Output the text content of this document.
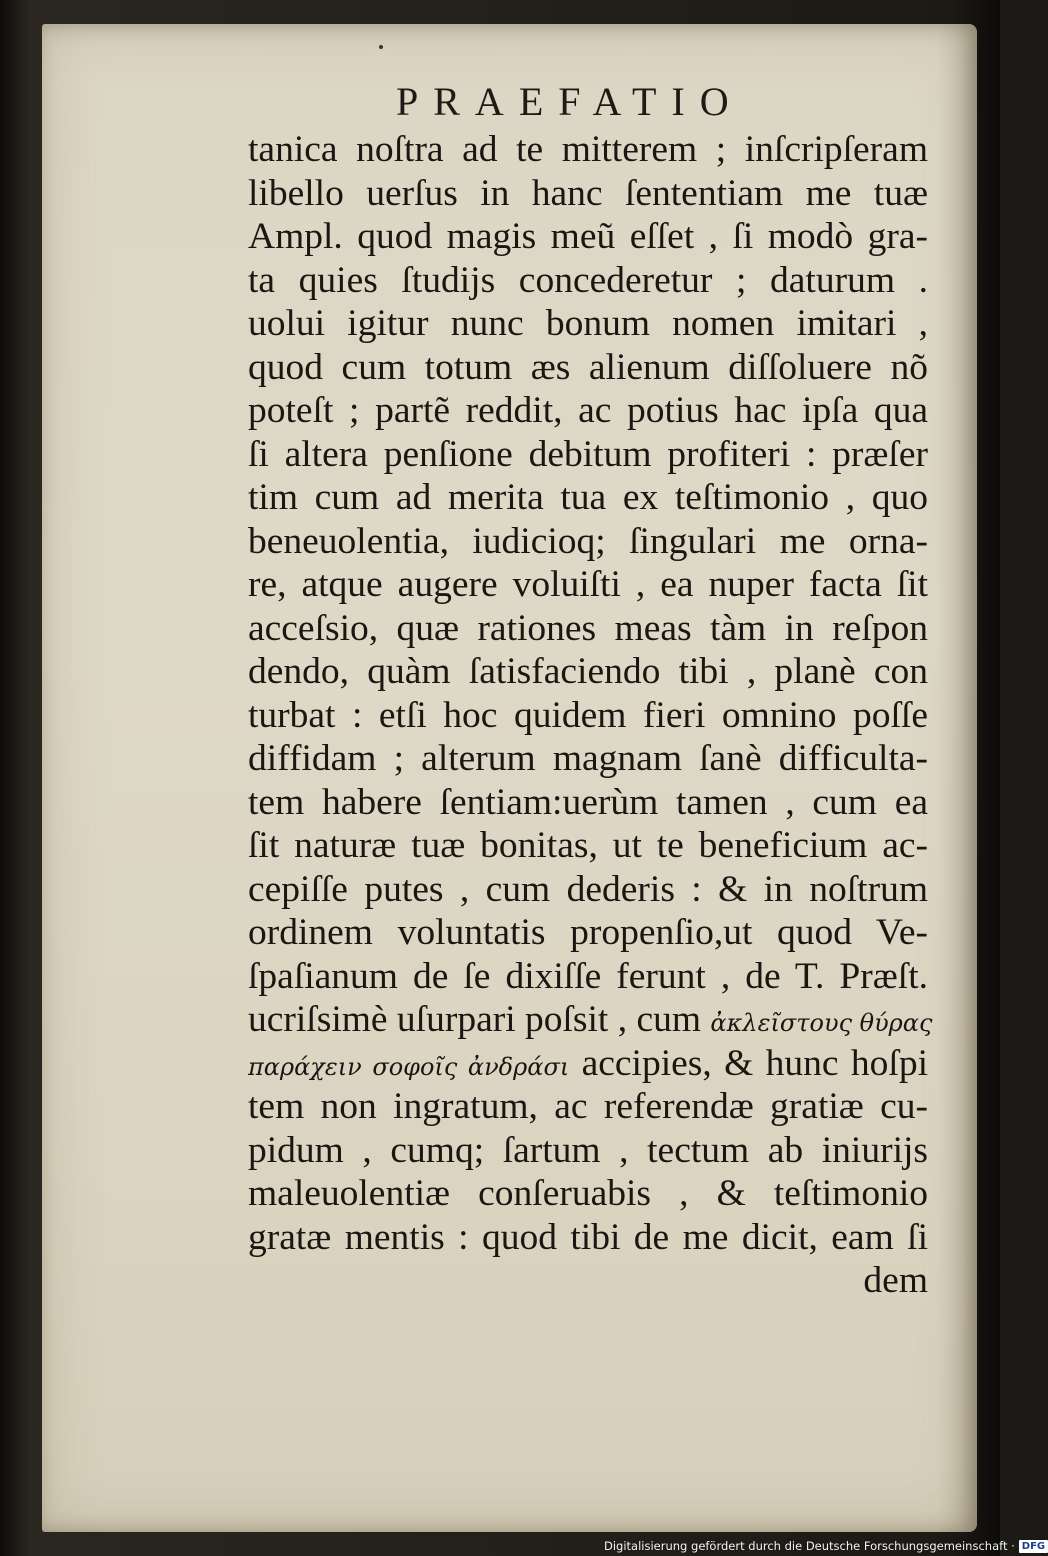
PRAEFATIO
tanica noſtra ad te mitterem ; inſcripſeram
libello uerſus in hanc ſententiam me tuæ
Ampl. quod magis meũ eſſet , ſi modò gra-
ta quies ſtudijs concederetur ; daturum .
uolui igitur nunc bonum nomen imitari ,
quod cum totum æs alienum diſſoluere nõ
poteſt ; partẽ reddit, ac potius hac ipſa qua
ſi altera penſione debitum profiteri : præſer
tim cum ad merita tua ex teſtimonio , quo
beneuolentia, iudicioq; ſingulari me orna-
re, atque augere voluiſti , ea nuper facta ſit
acceſsio, quæ rationes meas tàm in reſpon
dendo, quàm ſatisfaciendo tibi , planè con
turbat : etſi hoc quidem fieri omnino poſſe
diffidam ; alterum magnam ſanè difficulta-
tem habere ſentiam:uerùm tamen , cum ea
ſit naturæ tuæ bonitas, ut te beneficium ac-
cepiſſe putes , cum dederis : & in noſtrum
ordinem voluntatis propenſio,ut quod Ve-
ſpaſianum de ſe dixiſſe ferunt , de T. Præſt.
ucriſsimè uſurpari poſsit , cum ἀκλεῖστους θύρας
παράχειν σοφοῖς ἀνδράσι accipies, & hunc hoſpi
tem non ingratum, ac referendæ gratiæ cu-
pidum , cumq; ſartum , tectum ab iniurijs
maleuolentiæ conſeruabis , & teſtimonio
gratæ mentis : quod tibi de me dicit, eam ſi
dem
Digitalisierung gefördert durch die Deutsche Forschungsgemeinschaft · DFG
